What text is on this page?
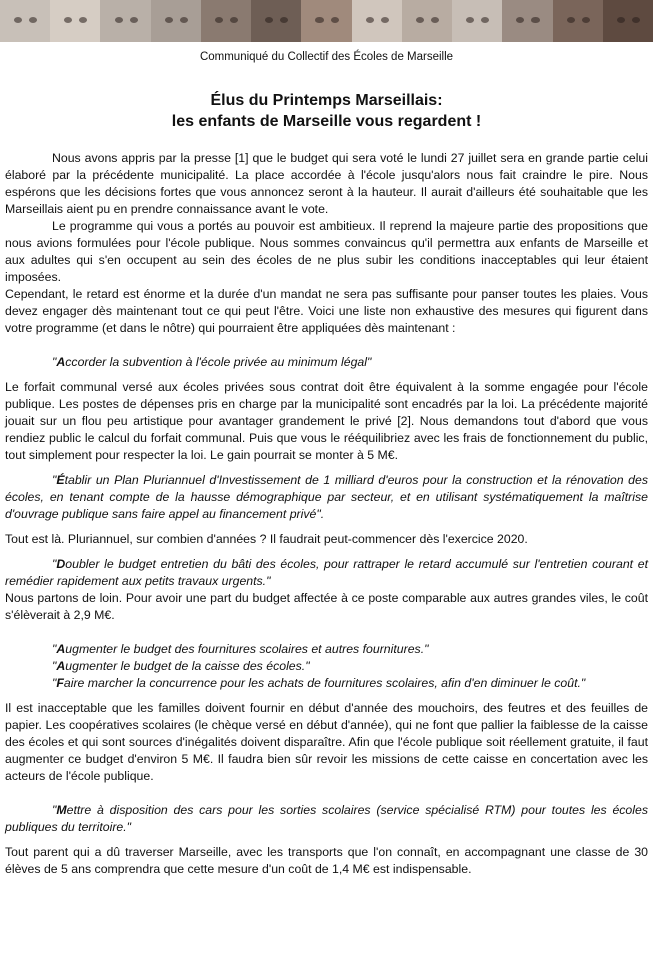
Communiqué du Collectif des Écoles de Marseille
Élus du Printemps Marseillais:
les enfants de Marseille vous regardent !

Nous avons appris par la presse [1] que le budget qui sera voté le lundi 27 juillet sera en grande partie celui élaboré par la précédente municipalité. La place accordée à l'école jusqu'alors nous fait craindre le pire. Nous espérons que les décisions fortes que vous annoncez seront à la hauteur. Il aurait d'ailleurs été souhaitable que les Marseillais aient pu en prendre connaissance avant le vote.

Le programme qui vous a portés au pouvoir est ambitieux. Il reprend la majeure partie des propositions que nous avions formulées pour l'école publique. Nous sommes convaincus qu'il permettra aux enfants de Marseille et aux adultes qui s'en occupent au sein des écoles de ne plus subir les conditions inacceptables qui leur étaient imposées.

Cependant, le retard est énorme et la durée d'un mandat ne sera pas suffisante pour panser toutes les plaies. Vous devez engager dès maintenant tout ce qui peut l'être. Voici une liste non exhaustive des mesures qui figurent dans votre programme (et dans le nôtre) qui pourraient être appliquées dès maintenant :

"Accorder la subvention à l'école privée au minimum légal"

Le forfait communal versé aux écoles privées sous contrat doit être équivalent à la somme engagée pour l'école publique. Les postes de dépenses pris en charge par la municipalité sont encadrés par la loi. La précédente majorité jouait sur un flou peu artistique pour avantager grandement le privé [2]. Nous demandons tout d'abord que vous rendiez public le calcul du forfait communal. Puis que vous le rééquilibriez avec les frais de fonctionnement du public, tout simplement pour respecter la loi. Le gain pourrait se monter à 5 M€.

"Établir un Plan Pluriannuel d'Investissement de 1 milliard d'euros pour la construction et la rénovation des écoles, en tenant compte de la hausse démographique par secteur, et en utilisant systématiquement la maîtrise d'ouvrage publique sans faire appel au financement privé".

Tout est là. Pluriannuel, sur combien d'années ? Il faudrait peut-commencer dès l'exercice 2020.

"Doubler le budget entretien du bâti des écoles, pour rattraper le retard accumulé sur l'entretien courant et remédier rapidement aux petits travaux urgents."

Nous partons de loin. Pour avoir une part du budget affectée à ce poste comparable aux autres grandes viles, le coût s'élèverait à 2,9 M€.

"Augmenter le budget des fournitures scolaires et autres fournitures."

"Augmenter le budget de la caisse des écoles."

"Faire marcher la concurrence pour les achats de fournitures scolaires, afin d'en diminuer le coût."

Il est inacceptable que les familles doivent fournir en début d'année des mouchoirs, des feutres et des feuilles de papier. Les coopératives scolaires (le chèque versé en début d'année), qui ne font que pallier la faiblesse de la caisse des écoles et qui sont sources d'inégalités doivent disparaître. Afin que l'école publique soit réellement gratuite, il faut augmenter ce budget d'environ 5 M€. Il faudra bien sûr revoir les missions de cette caisse en concertation avec les acteurs de l'école publique.

"Mettre à disposition des cars pour les sorties scolaires (service spécialisé RTM) pour toutes les écoles publiques du territoire."

Tout parent qui a dû traverser Marseille, avec les transports que l'on connaît, en accompagnant une classe de 30 élèves de 5 ans comprendra que cette mesure d'un coût de 1,4 M€ est indispensable.
